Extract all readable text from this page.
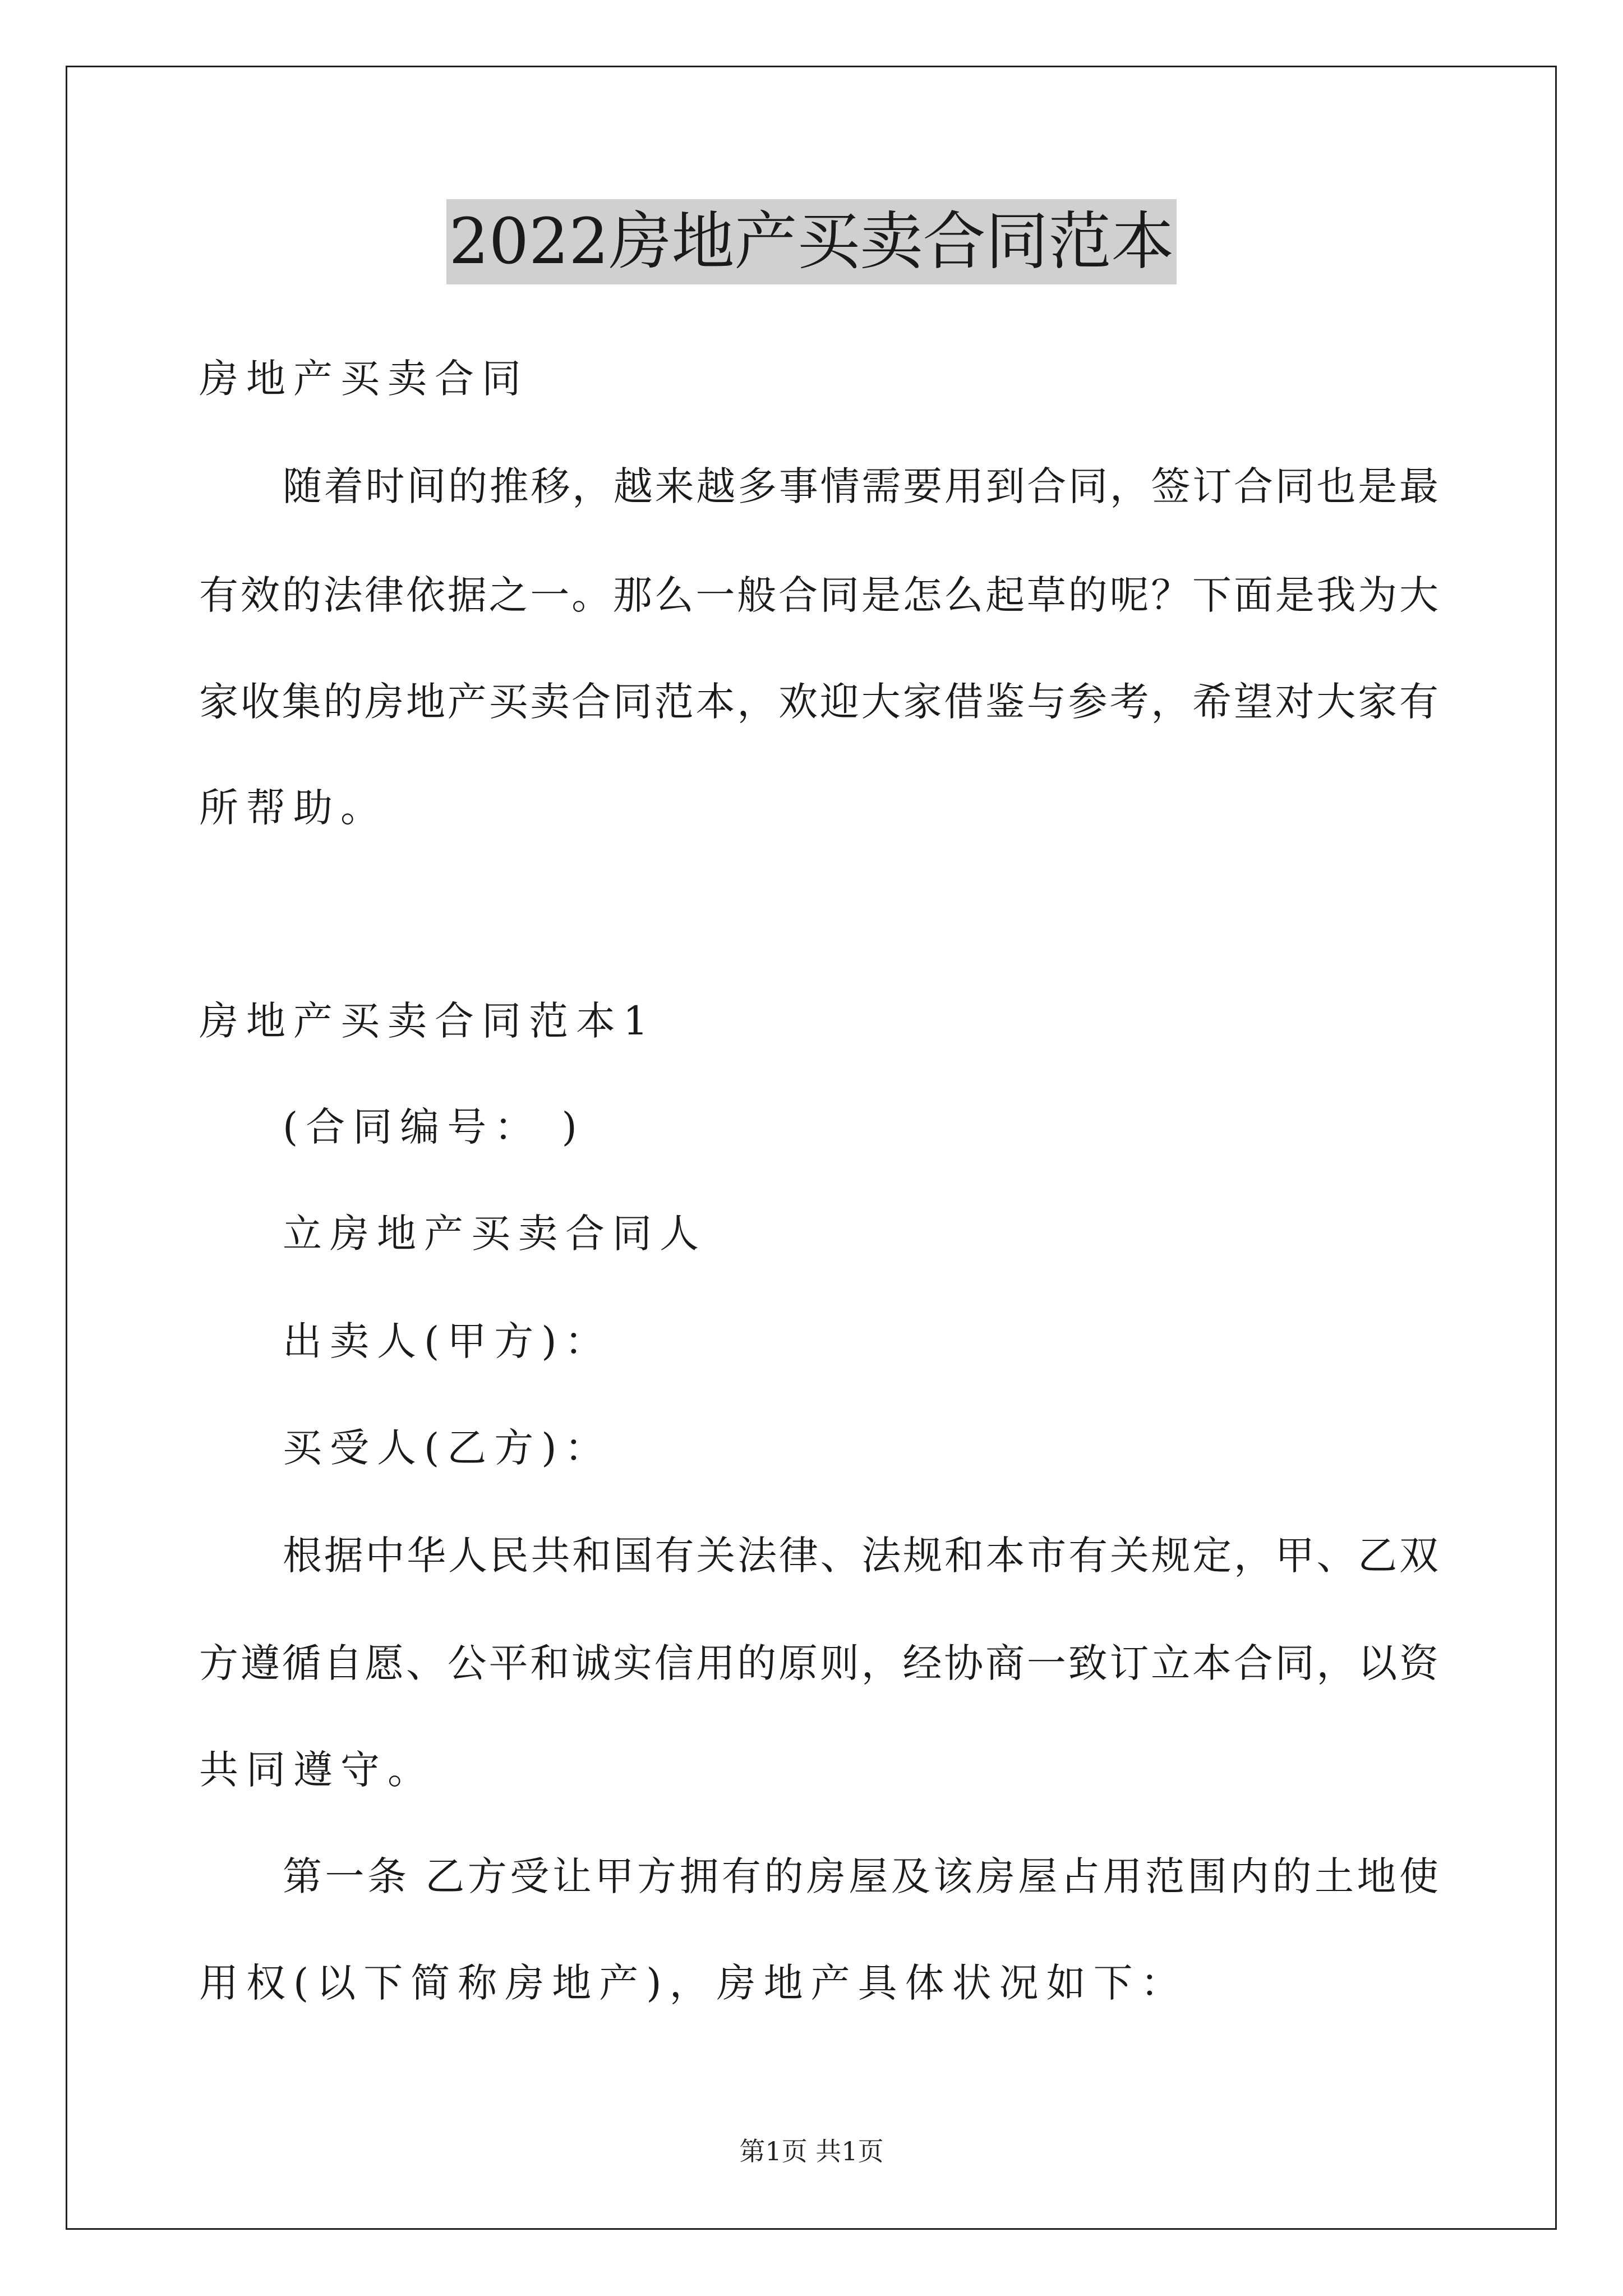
2022房地产买卖合同范本
房地产买卖合同
随着时间的推移，越来越多事情需要用到合同，签订合同也是最
有效的法律依据之一。那么一般合同是怎么起草的呢？下面是我为大
家收集的房地产买卖合同范本，欢迎大家借鉴与参考，希望对大家有
所帮助。
房地产买卖合同范本1
(合同编号： )
立房地产买卖合同人
出卖人(甲方)：
买受人(乙方)：
根据中华人民共和国有关法律、法规和本市有关规定，甲、乙双
方遵循自愿、公平和诚实信用的原则，经协商一致订立本合同，以资
共同遵守。
第一条 乙方受让甲方拥有的房屋及该房屋占用范围内的土地使
用权(以下简称房地产)，房地产具体状况如下：
第1页 共1页
